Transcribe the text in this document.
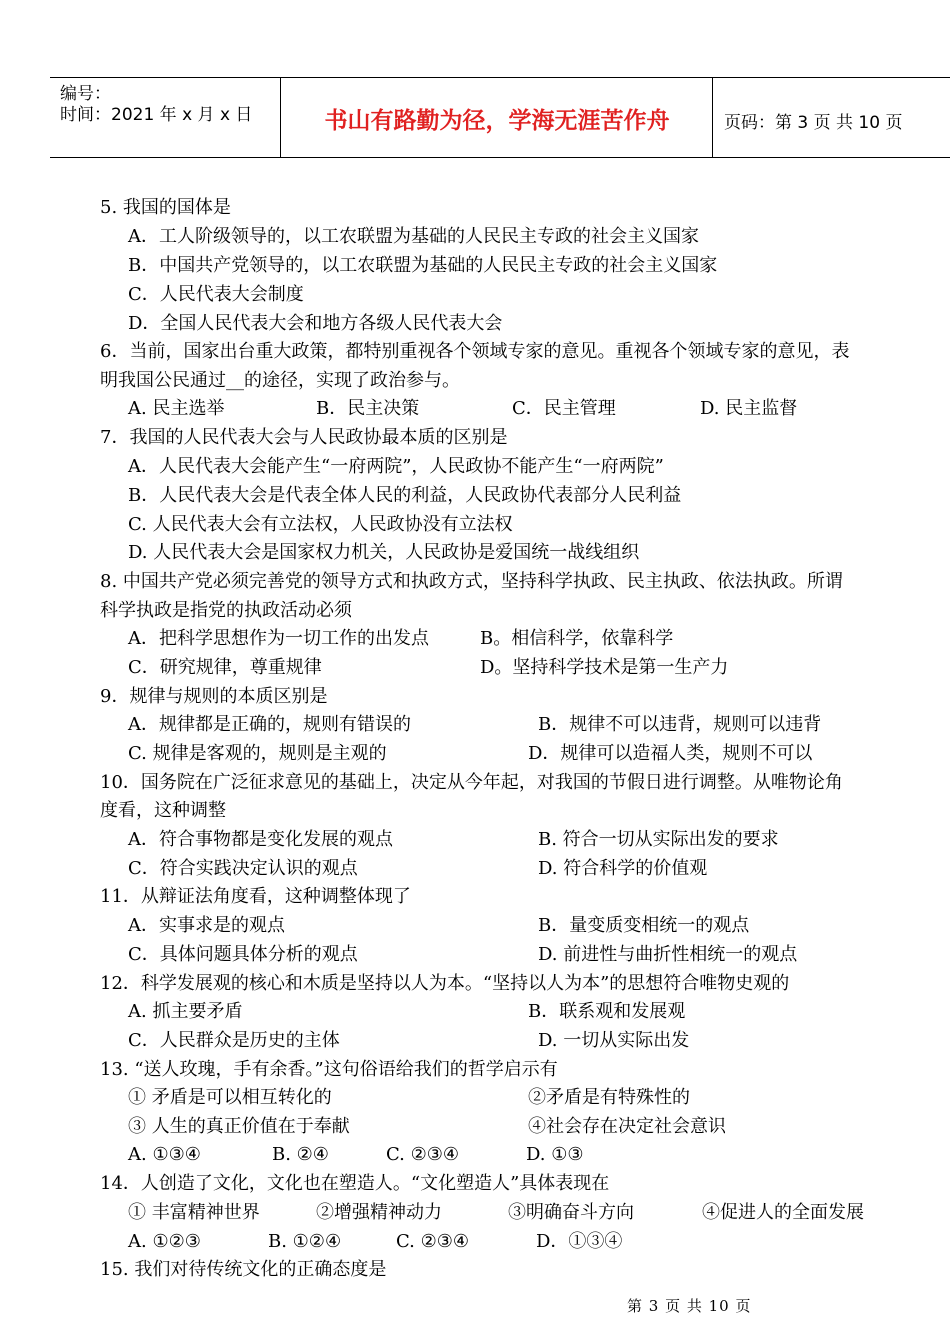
编号：
时间：2021 年 x 月 x 日	书山有路勤为径，学海无涯苦作舟	页码：第 3 页 共 10 页
5. 我国的国体是
A．工人阶级领导的，以工农联盟为基础的人民民主专政的社会主义国家
B．中国共产党领导的，以工农联盟为基础的人民民主专政的社会主义国家
C．人民代表大会制度
D．全国人民代表大会和地方各级人民代表大会
6．当前，国家出台重大政策，都特别重视各个领域专家的意见。重视各个领域专家的意见，表
明我国公民通过__的途径，实现了政治参与。
A. 民主选举	B．民主决策	C．民主管理	D. 民主监督
7．我国的人民代表大会与人民政协最本质的区别是
A．人民代表大会能产生“一府两院”，人民政协不能产生“一府两院”
B．人民代表大会是代表全体人民的利益，人民政协代表部分人民利益
C. 人民代表大会有立法权，人民政协没有立法权
D. 人民代表大会是国家权力机关，人民政协是爱国统一战线组织
8. 中国共产党必须完善党的领导方式和执政方式，坚持科学执政、民主执政、依法执政。所谓
科学执政是指党的执政活动必须
A．把科学思想作为一切工作的出发点	B。相信科学，依靠科学
C．研究规律，尊重规律	D。坚持科学技术是第一生产力
9．规律与规则的本质区别是
A．规律都是正确的，规则有错误的	B．规律不可以违背，规则可以违背
C. 规律是客观的，规则是主观的	D．规律可以造福人类，规则不可以
10．国务院在广泛征求意见的基础上，决定从今年起，对我国的节假日进行调整。从唯物论角
度看，这种调整
A．符合事物都是变化发展的观点	B. 符合一切从实际出发的要求
C．符合实践决定认识的观点	D. 符合科学的价值观
11．从辩证法角度看，这种调整体现了
A．实事求是的观点	B．量变质变相统一的观点
C．具体问题具体分析的观点	D. 前进性与曲折性相统一的观点
12．科学发展观的核心和木质是坚持以人为本。“坚持以人为本”的思想符合唯物史观的
A. 抓主要矛盾	B．联系观和发展观
C．人民群众是历史的主体	D. 一切从实际出发
13. “送人玫瑰，手有余香。”这句俗语给我们的哲学启示有
① 矛盾是可以相互转化的	②矛盾是有特殊性的
③ 人生的真正价值在于奉献	④社会存在决定社会意识
A. ①③④	B. ②④	C. ②③④	D. ①③
14．人创造了文化，文化也在塑造人。“文化塑造人”具体表现在
① 丰富精神世界	②增强精神动力	③明确奋斗方向	④促进人的全面发展
A. ①②③	B. ①②④	C. ②③④	D．①③④
15. 我们对待传统文化的正确态度是
第 3 页 共 10 页
